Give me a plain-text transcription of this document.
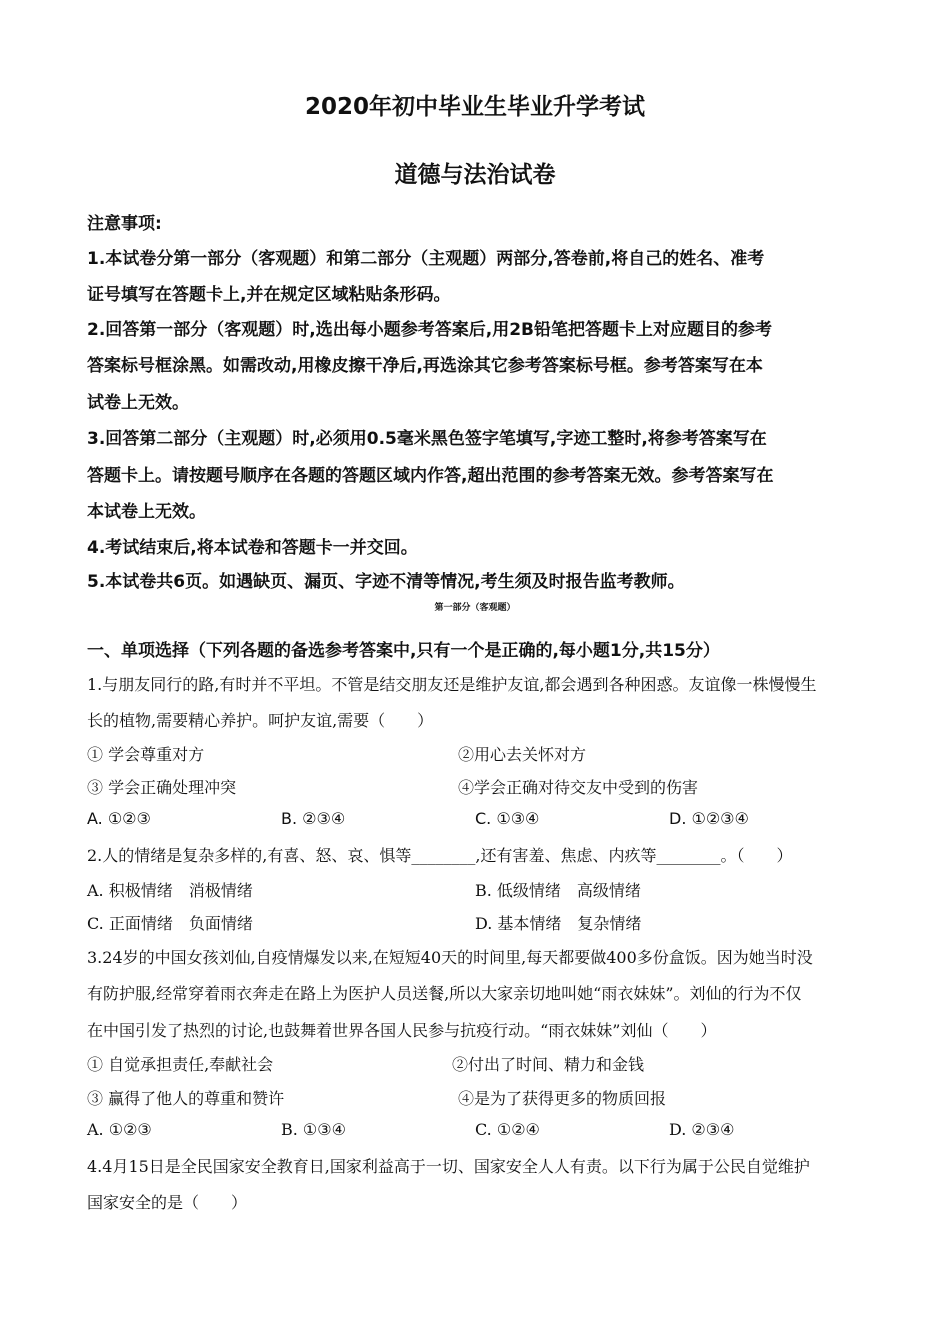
2020年初中毕业生毕业升学考试
道德与法治试卷
注意事项:
1.本试卷分第一部分（客观题）和第二部分（主观题）两部分,答卷前,将自己的姓名、准考
证号填写在答题卡上,并在规定区域粘贴条形码。
2.回答第一部分（客观题）时,选出每小题参考答案后,用2B铅笔把答题卡上对应题目的参考
答案标号框涂黑。如需改动,用橡皮擦干净后,再选涂其它参考答案标号框。参考答案写在本
试卷上无效。
3.回答第二部分（主观题）时,必须用0.5毫米黑色签字笔填写,字迹工整时,将参考答案写在
答题卡上。请按题号顺序在各题的答题区域内作答,超出范围的参考答案无效。参考答案写在
本试卷上无效。
4.考试结束后,将本试卷和答题卡一并交回。
5.本试卷共6页。如遇缺页、漏页、字迹不清等情况,考生须及时报告监考教师。
第一部分（客观题）
一、单项选择（下列各题的备选参考答案中,只有一个是正确的,每小题1分,共15分）
1.与朋友同行的路,有时并不平坦。不管是结交朋友还是维护友谊,都会遇到各种困惑。友谊像一株慢慢生
长的植物,需要精心养护。呵护友谊,需要（　　）
① 学会尊重对方	②用心去关怀对方
③ 学会正确处理冲突	④学会正确对待交友中受到的伤害
A. ①②③	B. ②③④	C. ①③④	D. ①②③④
2.人的情绪是复杂多样的,有喜、怒、哀、惧等________,还有害羞、焦虑、内疚等________。（　　）
A. 积极情绪　消极情绪	B. 低级情绪　高级情绪
C. 正面情绪　负面情绪	D. 基本情绪　复杂情绪
3.24岁的中国女孩刘仙,自疫情爆发以来,在短短40天的时间里,每天都要做400多份盒饭。因为她当时没
有防护服,经常穿着雨衣奔走在路上为医护人员送餐,所以大家亲切地叫她“雨衣妹妹”。刘仙的行为不仅
在中国引发了热烈的讨论,也鼓舞着世界各国人民参与抗疫行动。“雨衣妹妹”刘仙（　　）
① 自觉承担责任,奉献社会	②付出了时间、精力和金钱
③ 赢得了他人的尊重和赞许	④是为了获得更多的物质回报
A. ①②③	B. ①③④	C. ①②④	D. ②③④
4.4月15日是全民国家安全教育日,国家利益高于一切、国家安全人人有责。以下行为属于公民自觉维护
国家安全的是（　　）
